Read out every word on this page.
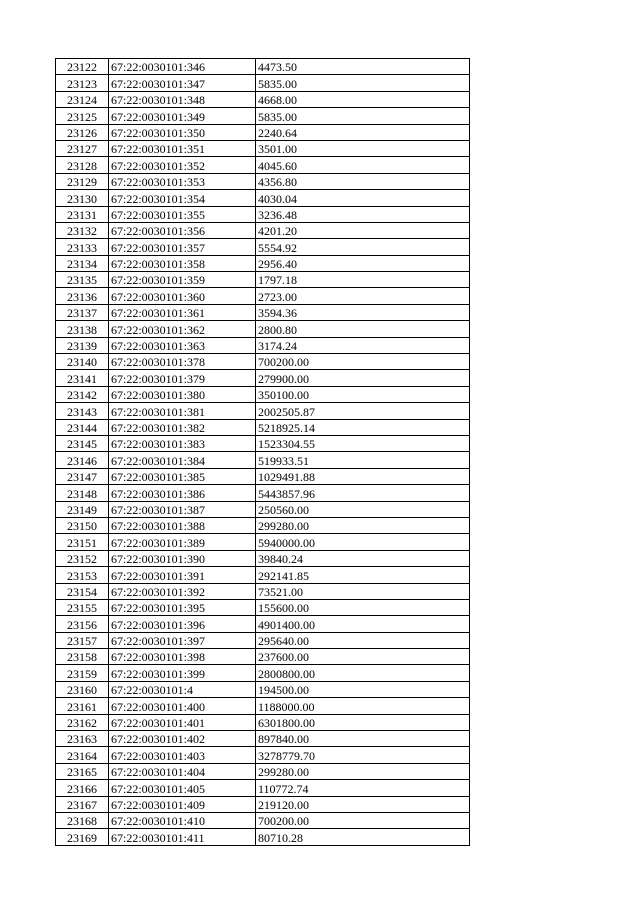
23122	67:22:0030101:346	4473.50
23123	67:22:0030101:347	5835.00
23124	67:22:0030101:348	4668.00
23125	67:22:0030101:349	5835.00
23126	67:22:0030101:350	2240.64
23127	67:22:0030101:351	3501.00
23128	67:22:0030101:352	4045.60
23129	67:22:0030101:353	4356.80
23130	67:22:0030101:354	4030.04
23131	67:22:0030101:355	3236.48
23132	67:22:0030101:356	4201.20
23133	67:22:0030101:357	5554.92
23134	67:22:0030101:358	2956.40
23135	67:22:0030101:359	1797.18
23136	67:22:0030101:360	2723.00
23137	67:22:0030101:361	3594.36
23138	67:22:0030101:362	2800.80
23139	67:22:0030101:363	3174.24
23140	67:22:0030101:378	700200.00
23141	67:22:0030101:379	279900.00
23142	67:22:0030101:380	350100.00
23143	67:22:0030101:381	2002505.87
23144	67:22:0030101:382	5218925.14
23145	67:22:0030101:383	1523304.55
23146	67:22:0030101:384	519933.51
23147	67:22:0030101:385	1029491.88
23148	67:22:0030101:386	5443857.96
23149	67:22:0030101:387	250560.00
23150	67:22:0030101:388	299280.00
23151	67:22:0030101:389	5940000.00
23152	67:22:0030101:390	39840.24
23153	67:22:0030101:391	292141.85
23154	67:22:0030101:392	73521.00
23155	67:22:0030101:395	155600.00
23156	67:22:0030101:396	4901400.00
23157	67:22:0030101:397	295640.00
23158	67:22:0030101:398	237600.00
23159	67:22:0030101:399	2800800.00
23160	67:22:0030101:4	194500.00
23161	67:22:0030101:400	1188000.00
23162	67:22:0030101:401	6301800.00
23163	67:22:0030101:402	897840.00
23164	67:22:0030101:403	3278779.70
23165	67:22:0030101:404	299280.00
23166	67:22:0030101:405	110772.74
23167	67:22:0030101:409	219120.00
23168	67:22:0030101:410	700200.00
23169	67:22:0030101:411	80710.28
